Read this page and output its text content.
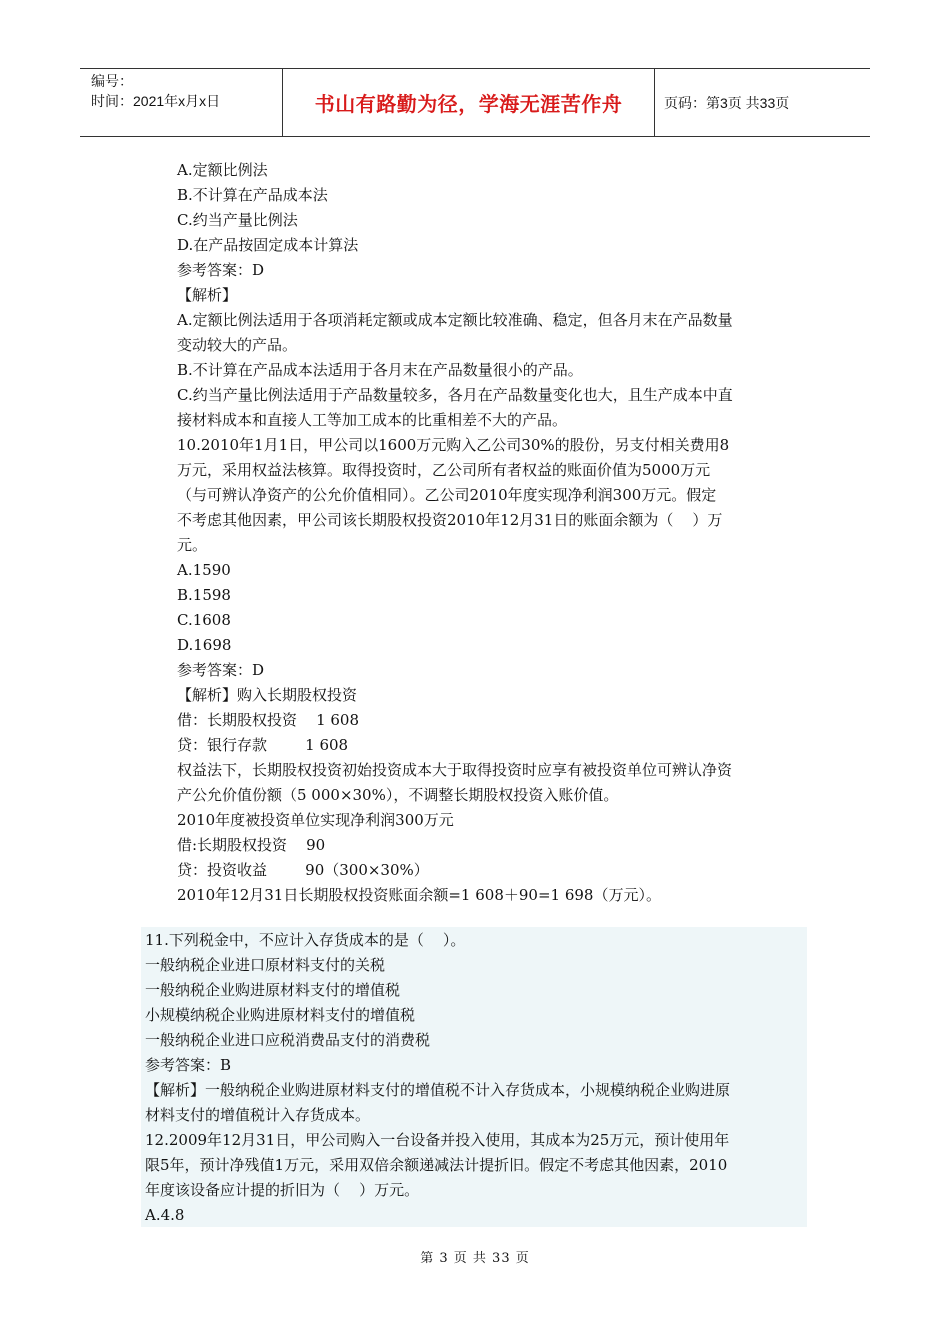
编号：
时间：2021年x月x日	书山有路勤为径，学海无涯苦作舟	页码：第3页 共33页

A.定额比例法

B.不计算在产品成本法

C.约当产量比例法

D.在产品按固定成本计算法

参考答案：D

【解析】

A.定额比例法适用于各项消耗定额或成本定额比较准确、稳定，但各月末在产品数量

变动较大的产品。

B.不计算在产品成本法适用于各月末在产品数量很小的产品。

C.约当产量比例法适用于产品数量较多，各月在产品数量变化也大，且生产成本中直

接材料成本和直接人工等加工成本的比重相差不大的产品。

10.2010年1月1日，甲公司以1600万元购入乙公司30%的股份，另支付相关费用8

万元，采用权益法核算。取得投资时，乙公司所有者权益的账面价值为5000万元

（与可辨认净资产的公允价值相同）。乙公司2010年度实现净利润300万元。假定

不考虑其他因素，甲公司该长期股权投资2010年12月31日的账面余额为（    ）万

元。

A.1590

B.1598

C.1608

D.1698

参考答案：D

【解析】购入长期股权投资

借：长期股权投资    1 608

贷：银行存款        1 608

权益法下，长期股权投资初始投资成本大于取得投资时应享有被投资单位可辨认净资

产公允价值份额（5 000×30%），不调整长期股权投资入账价值。

2010年度被投资单位实现净利润300万元

借:长期股权投资    90

贷：投资收益        90（300×30%）

2010年12月31日长期股权投资账面余额=1 608＋90=1 698（万元）。

11.下列税金中，不应计入存货成本的是（    ）。

一般纳税企业进口原材料支付的关税

一般纳税企业购进原材料支付的增值税

小规模纳税企业购进原材料支付的增值税

一般纳税企业进口应税消费品支付的消费税

参考答案：B

【解析】一般纳税企业购进原材料支付的增值税不计入存货成本，小规模纳税企业购进原

材料支付的增值税计入存货成本。

12.2009年12月31日，甲公司购入一台设备并投入使用，其成本为25万元，预计使用年

限5年，预计净残值1万元，采用双倍余额递减法计提折旧。假定不考虑其他因素，2010

年度该设备应计提的折旧为（    ）万元。

A.4.8

第 3 页 共 33 页
